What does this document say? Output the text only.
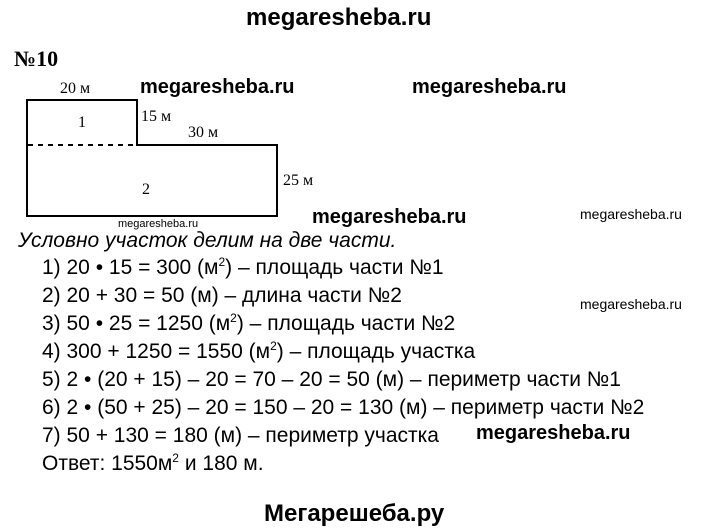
megaresheba.ru
№10
megaresheba.ru	megaresheba.ru
megaresheba.ru	megaresheba.ru
megaresheba.ru
megaresheba.ru
megaresheba.ru
20 м
15 м
30 м
25 м
1
2
Условно участок делим на две части.
1) 20 • 15 = 300 $(м^2)$ – площадь части №1
2) 20 + 30 = 50 (м) – длина части №2
3) 50 • 25 = 1250 $(м^2)$ – площадь части №2
4) 300 + 1250 = 1550 $(м^2)$ – площадь участка
5) 2 • (20 + 15) – 20 = 70 – 20 = 50 (м) – периметр части №1
6) 2 • (50 + 25) – 20 = 150 – 20 = 130 (м) – периметр части №2
7) 50 + 130 = 180 (м) – периметр участка
Ответ: $1550м^2$ и 180 м.
Мегарешеба.ру
